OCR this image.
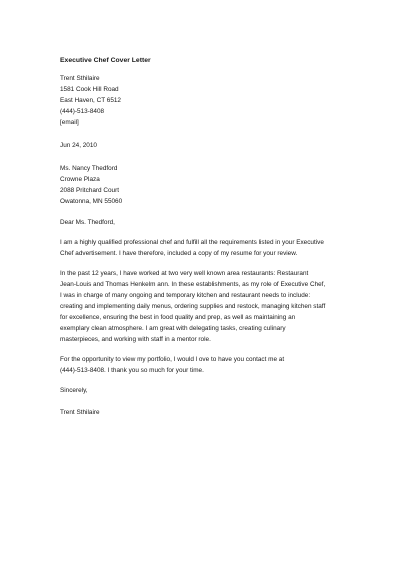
Executive Chef Cover Letter
Trent Sthilaire
1581 Cook Hill Road
East Haven, CT 6512
(444)-513-8408
[email]
Jun 24, 2010
Ms. Nancy Thedford
Crowne Plaza
2088 Pritchard Court
Owatonna, MN 55060
Dear Ms. Thedford,
I am a highly qualified professional chef and fulfill all the requirements listed in your Executive
Chef advertisement. I have therefore, included a copy of my resume for your review.
In the past 12 years, I have worked at two very well known area restaurants: Restaurant
Jean-Louis and Thomas Henkelm ann. In these establishments, as my role of Executive Chef,
I was in charge of many ongoing and temporary kitchen and restaurant needs to include:
creating and implementing daily menus, ordering supplies and restock, managing kitchen staff
for excellence, ensuring the best in food quality and prep, as well as maintaining an
exemplary clean atmosphere. I am great with delegating tasks, creating culinary
masterpieces, and working with staff in a mentor role.
For the opportunity to view my portfolio, I would l ove to have you contact me at
(444)-513-8408. I thank you so much for your time.
Sincerely,
Trent Sthilaire
